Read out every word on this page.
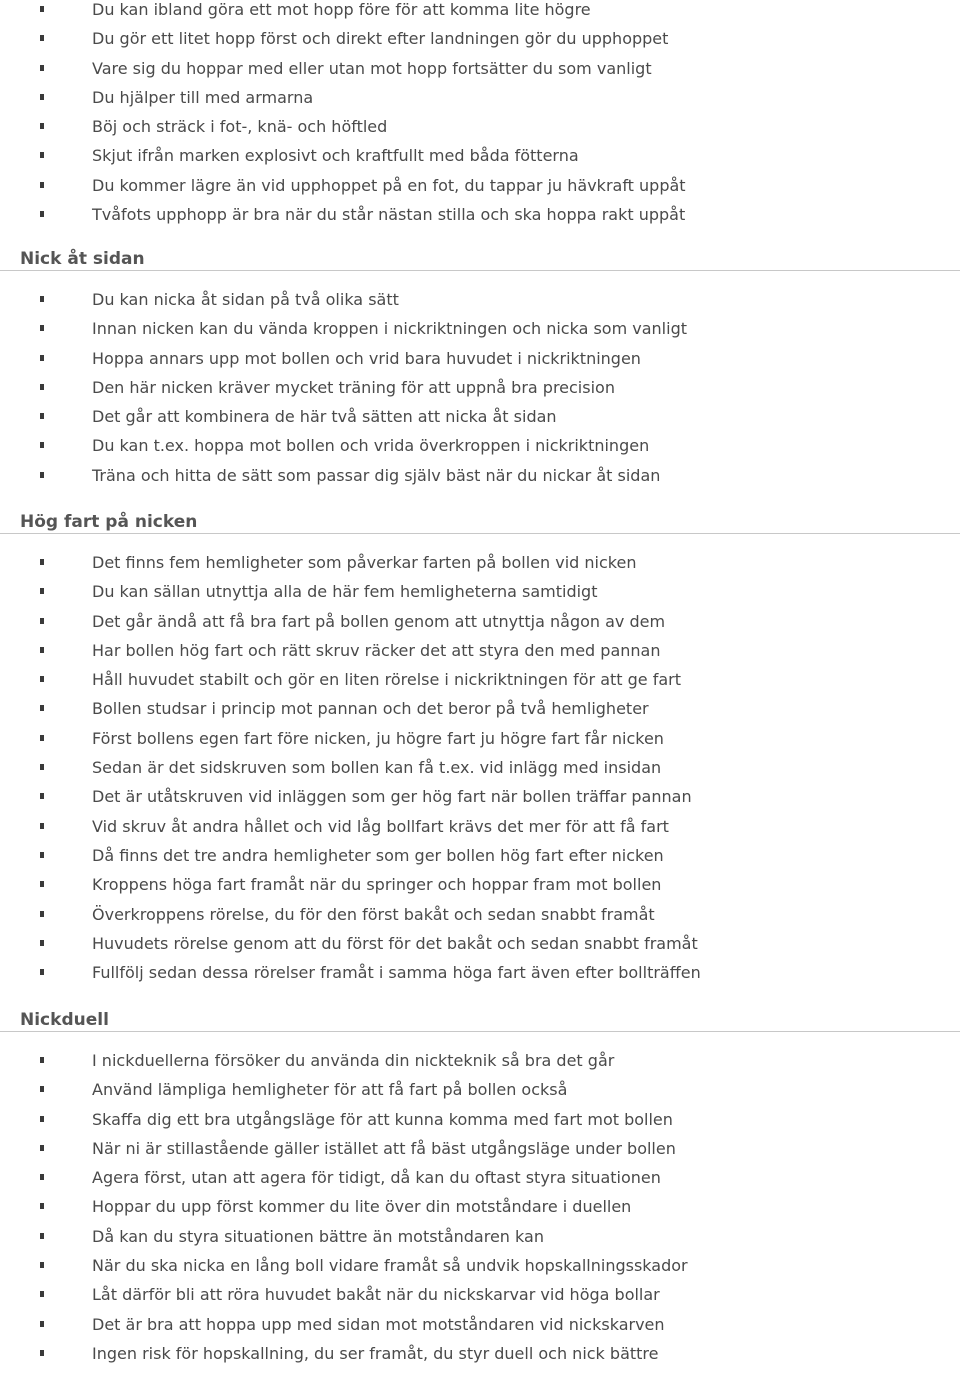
Du kan ibland göra ett mot hopp före för att komma lite högre
Du gör ett litet hopp först och direkt efter landningen gör du upphoppet
Vare sig du hoppar med eller utan mot hopp fortsätter du som vanligt
Du hjälper till med armarna
Böj och sträck i fot-, knä- och höftled
Skjut ifrån marken explosivt och kraftfullt med båda fötterna
Du kommer lägre än vid upphoppet på en fot, du tappar ju hävkraft uppåt
Tvåfots upphopp är bra när du står nästan stilla och ska hoppa rakt uppåt
Nick åt sidan
Du kan nicka åt sidan på två olika sätt
Innan nicken kan du vända kroppen i nickriktningen och nicka som vanligt
Hoppa annars upp mot bollen och vrid bara huvudet i nickriktningen
Den här nicken kräver mycket träning för att uppnå bra precision
Det går att kombinera de här två sätten att nicka åt sidan
Du kan t.ex. hoppa mot bollen och vrida överkroppen i nickriktningen
Träna och hitta de sätt som passar dig själv bäst när du nickar åt sidan
Hög fart på nicken
Det finns fem hemligheter som påverkar farten på bollen vid nicken
Du kan sällan utnyttja alla de här fem hemligheterna samtidigt
Det går ändå att få bra fart på bollen genom att utnyttja någon av dem
Har bollen hög fart och rätt skruv räcker det att styra den med pannan
Håll huvudet stabilt och gör en liten rörelse i nickriktningen för att ge fart
Bollen studsar i princip mot pannan och det beror på två hemligheter
Först bollens egen fart före nicken, ju högre fart ju högre fart får nicken
Sedan är det sidskruven som bollen kan få t.ex. vid inlägg med insidan
Det är utåtskruven vid inläggen som ger hög fart när bollen träffar pannan
Vid skruv åt andra hållet och vid låg bollfart krävs det mer för att få fart
Då finns det tre andra hemligheter som ger bollen hög fart efter nicken
Kroppens höga fart framåt när du springer och hoppar fram mot bollen
Överkroppens rörelse, du för den först bakåt och sedan snabbt framåt
Huvudets rörelse genom att du först för det bakåt och sedan snabbt framåt
Fullfölj sedan dessa rörelser framåt i samma höga fart även efter bollträffen
Nickduell
I nickduellerna försöker du använda din nickteknik så bra det går
Använd lämpliga hemligheter för att få fart på bollen också
Skaffa dig ett bra utgångsläge för att kunna komma med fart mot bollen
När ni är stillastående gäller istället att få bäst utgångsläge under bollen
Agera först, utan att agera för tidigt, då kan du oftast styra situationen
Hoppar du upp först kommer du lite över din motståndare i duellen
Då kan du styra situationen bättre än motståndaren kan
När du ska nicka en lång boll vidare framåt så undvik hopskallningsskador
Låt därför bli att röra huvudet bakåt när du nickskarvar vid höga bollar
Det är bra att hoppa upp med sidan mot motståndaren vid nickskarven
Ingen risk för hopskallning, du ser framåt, du styr duell och nick bättre
